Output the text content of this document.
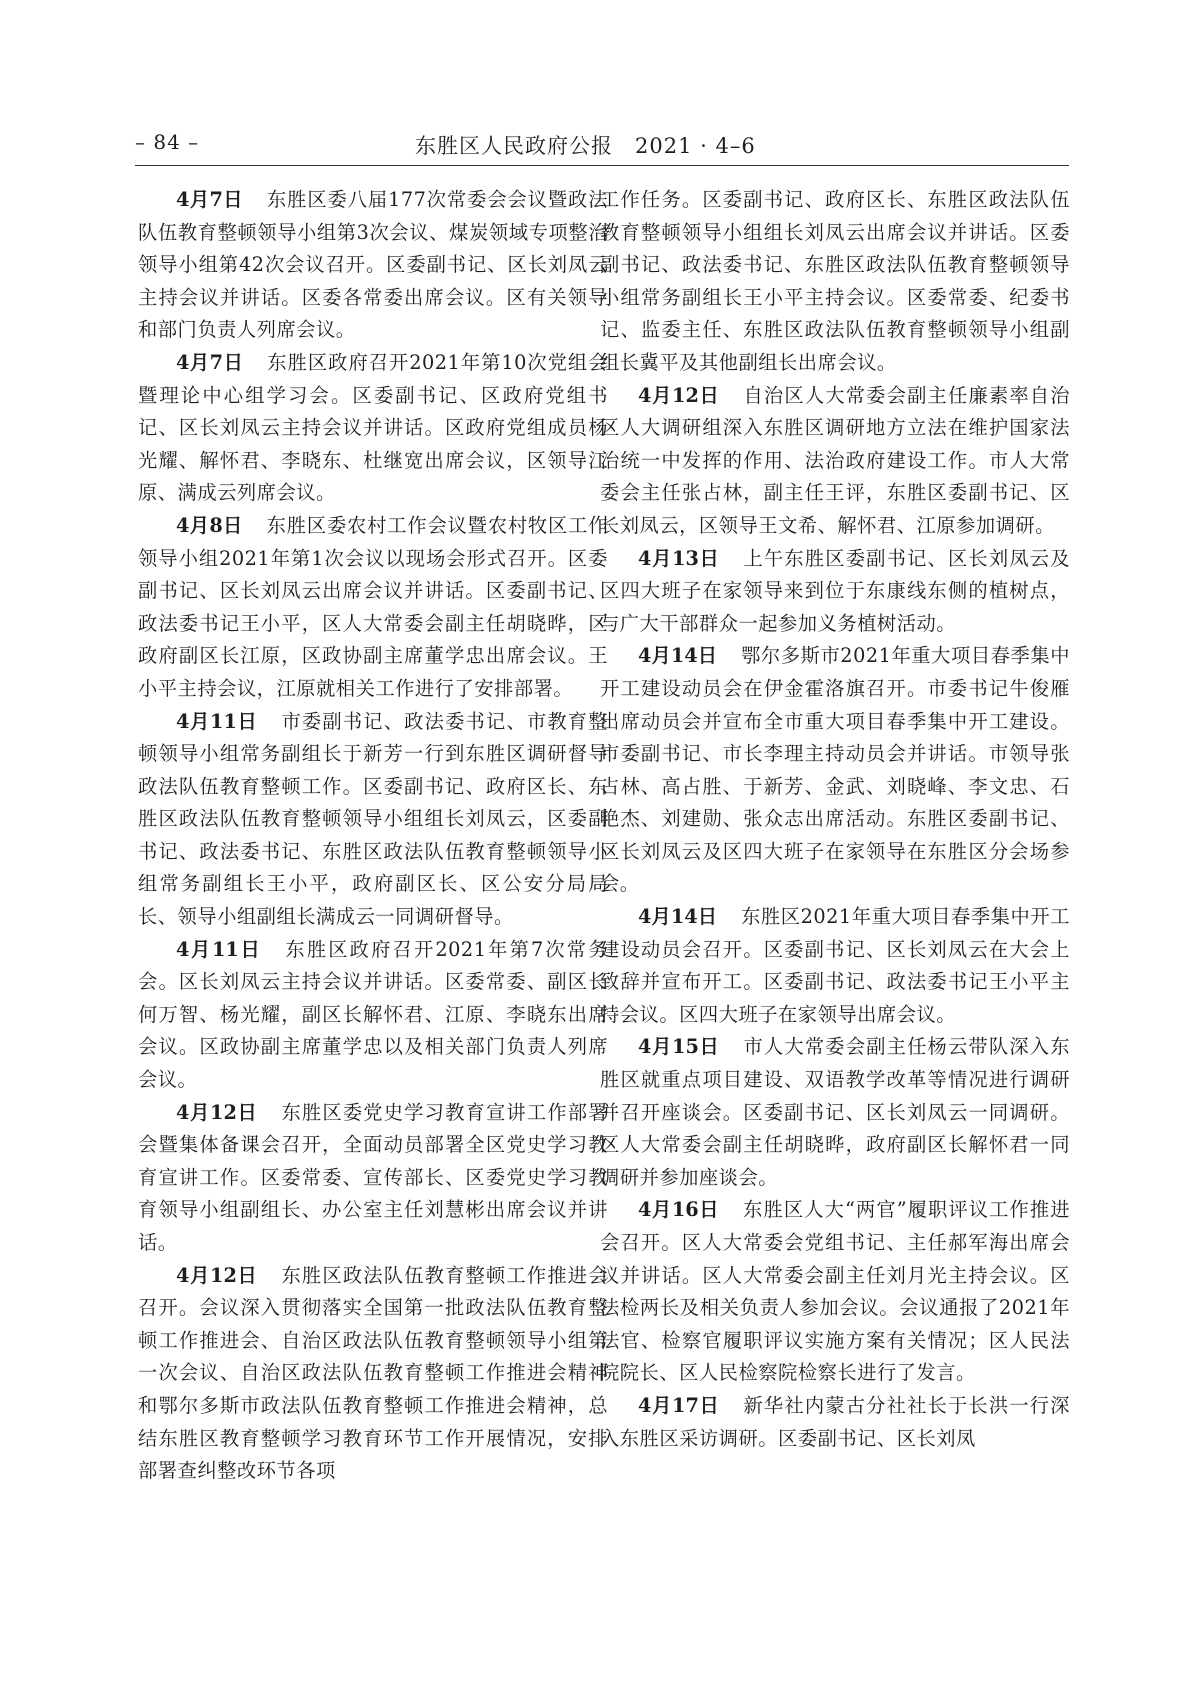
– 84 –	东胜区人民政府公报　2021 · 4–6

4月7日 东胜区委八届177次常委会会议暨政法队伍教育整顿领导小组第3次会议、煤炭领域专项整治领导小组第42次会议召开。区委副书记、区长刘凤云主持会议并讲话。区委各常委出席会议。区有关领导和部门负责人列席会议。

4月7日 东胜区政府召开2021年第10次党组会暨理论中心组学习会。区委副书记、区政府党组书记、区长刘凤云主持会议并讲话。区政府党组成员杨光耀、解怀君、李晓东、杜继宽出席会议，区领导江原、满成云列席会议。

4月8日 东胜区委农村工作会议暨农村牧区工作领导小组2021年第1次会议以现场会形式召开。区委副书记、区长刘凤云出席会议并讲话。区委副书记、政法委书记王小平，区人大常委会副主任胡晓晔，区政府副区长江原，区政协副主席董学忠出席会议。王小平主持会议，江原就相关工作进行了安排部署。

4月11日 市委副书记、政法委书记、市教育整顿领导小组常务副组长于新芳一行到东胜区调研督导政法队伍教育整顿工作。区委副书记、政府区长、东胜区政法队伍教育整顿领导小组组长刘凤云，区委副书记、政法委书记、东胜区政法队伍教育整顿领导小组常务副组长王小平，政府副区长、区公安分局局长、领导小组副组长满成云一同调研督导。

4月11日 东胜区政府召开2021年第7次常务会。区长刘凤云主持会议并讲话。区委常委、副区长何万智、杨光耀，副区长解怀君、江原、李晓东出席会议。区政协副主席董学忠以及相关部门负责人列席会议。

4月12日 东胜区委党史学习教育宣讲工作部署会暨集体备课会召开，全面动员部署全区党史学习教育宣讲工作。区委常委、宣传部长、区委党史学习教育领导小组副组长、办公室主任刘慧彬出席会议并讲话。

4月12日 东胜区政法队伍教育整顿工作推进会召开。会议深入贯彻落实全国第一批政法队伍教育整顿工作推进会、自治区政法队伍教育整顿领导小组第一次会议、自治区政法队伍教育整顿工作推进会精神和鄂尔多斯市政法队伍教育整顿工作推进会精神，总结东胜区教育整顿学习教育环节工作开展情况，安排部署查纠整改环节各项

工作任务。区委副书记、政府区长、东胜区政法队伍教育整顿领导小组组长刘凤云出席会议并讲话。区委副书记、政法委书记、东胜区政法队伍教育整顿领导小组常务副组长王小平主持会议。区委常委、纪委书记、监委主任、东胜区政法队伍教育整顿领导小组副组长冀平及其他副组长出席会议。

4月12日 自治区人大常委会副主任廉素率自治区人大调研组深入东胜区调研地方立法在维护国家法治统一中发挥的作用、法治政府建设工作。市人大常委会主任张占林，副主任王评，东胜区委副书记、区长刘凤云，区领导王文希、解怀君、江原参加调研。

4月13日 上午东胜区委副书记、区长刘凤云及区四大班子在家领导来到位于东康线东侧的植树点，与广大干部群众一起参加义务植树活动。

4月14日 鄂尔多斯市2021年重大项目春季集中开工建设动员会在伊金霍洛旗召开。市委书记牛俊雁出席动员会并宣布全市重大项目春季集中开工建设。市委副书记、市长李理主持动员会并讲话。市领导张占林、高占胜、于新芳、金武、刘晓峰、李文忠、石艳杰、刘建勋、张众志出席活动。东胜区委副书记、区长刘凤云及区四大班子在家领导在东胜区分会场参会。

4月14日 东胜区2021年重大项目春季集中开工建设动员会召开。区委副书记、区长刘凤云在大会上致辞并宣布开工。区委副书记、政法委书记王小平主持会议。区四大班子在家领导出席会议。

4月15日 市人大常委会副主任杨云带队深入东胜区就重点项目建设、双语教学改革等情况进行调研并召开座谈会。区委副书记、区长刘凤云一同调研。区人大常委会副主任胡晓晔，政府副区长解怀君一同调研并参加座谈会。

4月16日 东胜区人大“两官”履职评议工作推进会召开。区人大常委会党组书记、主任郝军海出席会议并讲话。区人大常委会副主任刘月光主持会议。区法检两长及相关负责人参加会议。会议通报了2021年法官、检察官履职评议实施方案有关情况；区人民法院院长、区人民检察院检察长进行了发言。

4月17日 新华社内蒙古分社社长于长洪一行深入东胜区采访调研。区委副书记、区长刘凤
